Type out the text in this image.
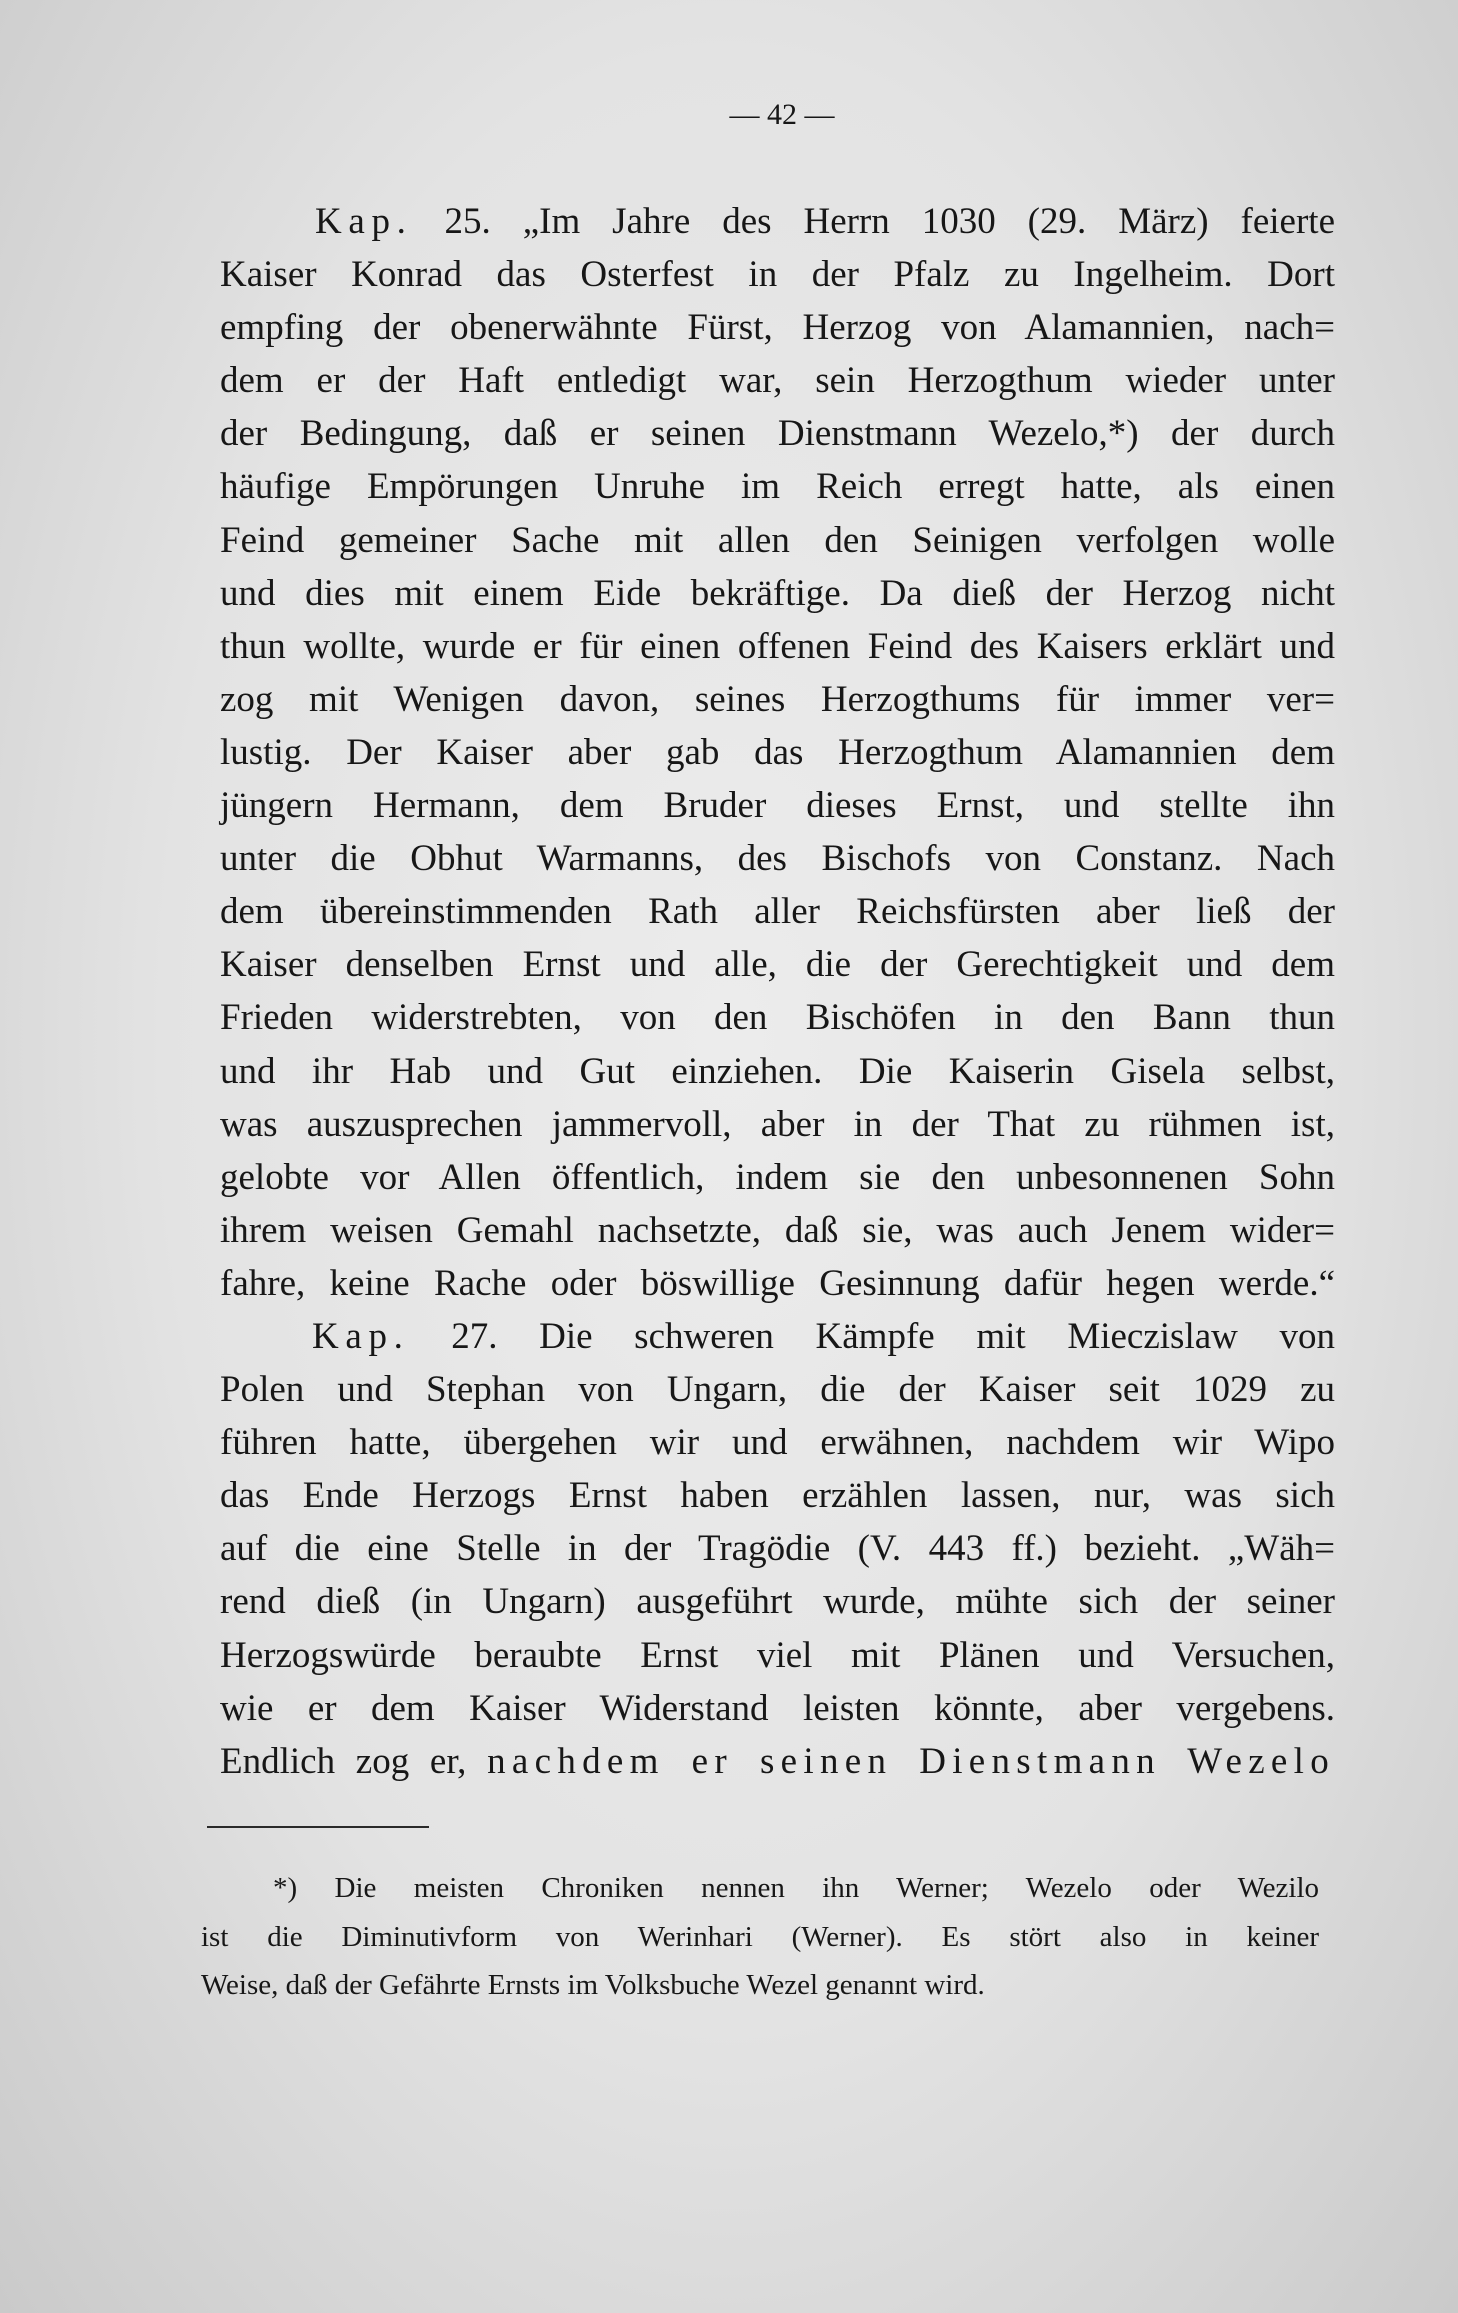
— 42 —
Kap. 25. „Im Jahre des Herrn 1030 (29. März) feierte
Kaiser Konrad das Osterfest in der Pfalz zu Ingelheim. Dort
empfing der obenerwähnte Fürst, Herzog von Alamannien, nach=
dem er der Haft entledigt war, sein Herzogthum wieder unter
der Bedingung, daß er seinen Dienstmann Wezelo,*) der durch
häufige Empörungen Unruhe im Reich erregt hatte, als einen
Feind gemeiner Sache mit allen den Seinigen verfolgen wolle
und dies mit einem Eide bekräftige. Da dieß der Herzog nicht
thun wollte, wurde er für einen offenen Feind des Kaisers erklärt und
zog mit Wenigen davon, seines Herzogthums für immer ver=
lustig. Der Kaiser aber gab das Herzogthum Alamannien dem
jüngern Hermann, dem Bruder dieses Ernst, und stellte ihn
unter die Obhut Warmanns, des Bischofs von Constanz. Nach
dem übereinstimmenden Rath aller Reichsfürsten aber ließ der
Kaiser denselben Ernst und alle, die der Gerechtigkeit und dem
Frieden widerstrebten, von den Bischöfen in den Bann thun
und ihr Hab und Gut einziehen. Die Kaiserin Gisela selbst,
was auszusprechen jammervoll, aber in der That zu rühmen ist,
gelobte vor Allen öffentlich, indem sie den unbesonnenen Sohn
ihrem weisen Gemahl nachsetzte, daß sie, was auch Jenem wider=
fahre, keine Rache oder böswillige Gesinnung dafür hegen werde.“
Kap. 27. Die schweren Kämpfe mit Mieczislaw von
Polen und Stephan von Ungarn, die der Kaiser seit 1029 zu
führen hatte, übergehen wir und erwähnen, nachdem wir Wipo
das Ende Herzogs Ernst haben erzählen lassen, nur, was sich
auf die eine Stelle in der Tragödie (V. 443 ff.) bezieht. „Wäh=
rend dieß (in Ungarn) ausgeführt wurde, mühte sich der seiner
Herzogswürde beraubte Ernst viel mit Plänen und Versuchen,
wie er dem Kaiser Widerstand leisten könnte, aber vergebens.
Endlich zog er, nachdem er seinen Dienstmann Wezelo
*) Die meisten Chroniken nennen ihn Werner; Wezelo oder Wezilo
ist die Diminutivform von Werinhari (Werner). Es stört also in keiner
Weise, daß der Gefährte Ernsts im Volksbuche Wezel genannt wird.
